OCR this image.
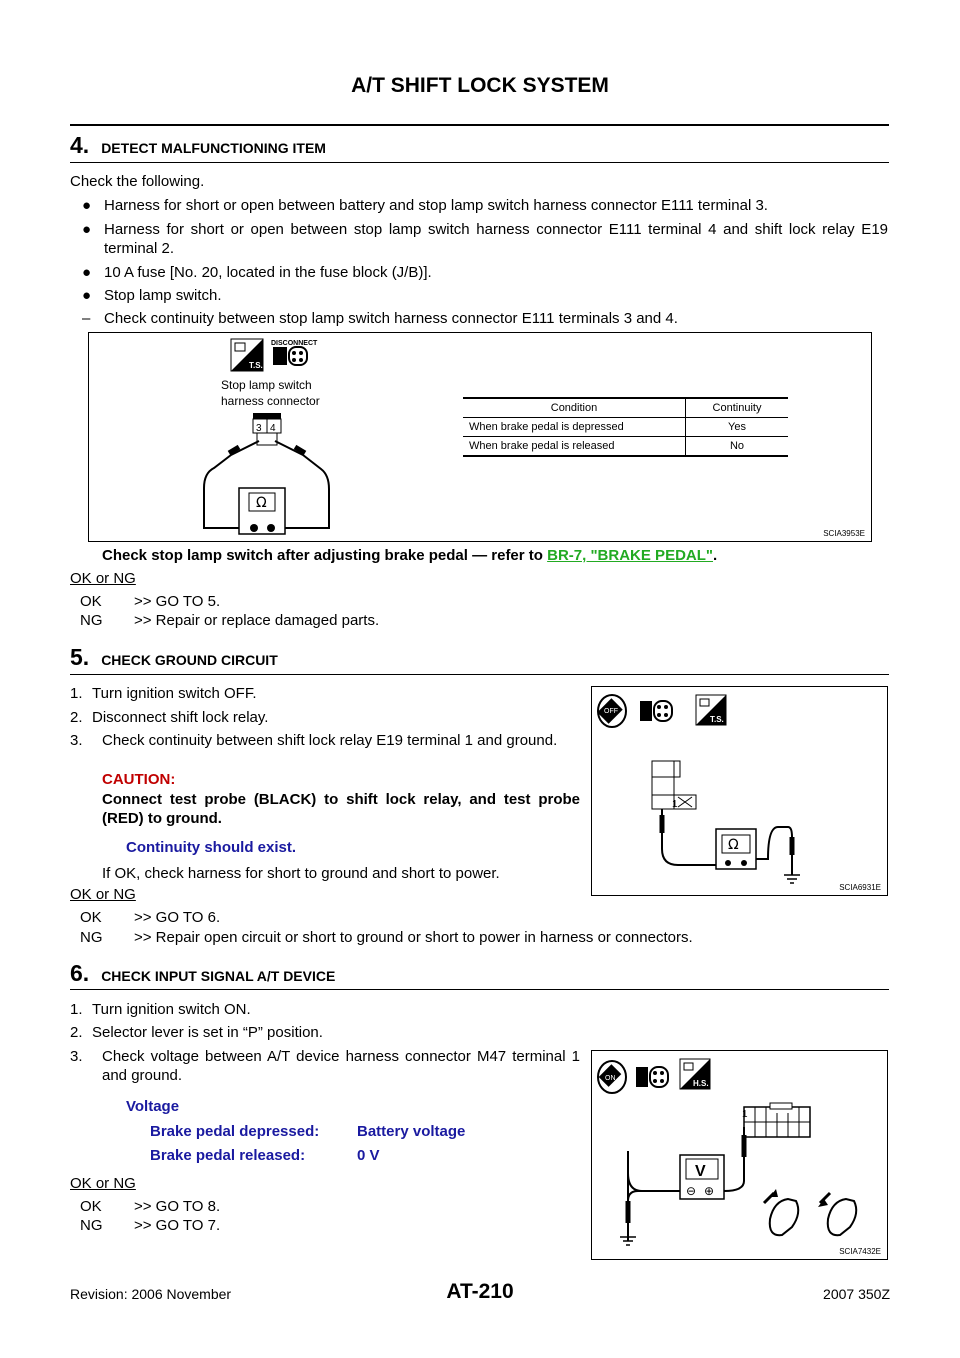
A/T SHIFT LOCK SYSTEM
4. DETECT MALFUNCTIONING ITEM
Check the following.
● Harness for short or open between battery and stop lamp switch harness connector E111 terminal 3.
● Harness for short or open between stop lamp switch harness connector E111 terminal 4 and shift lock relay E19 terminal 2.
● 10 A fuse [No. 20, located in the fuse block (J/B)].
● Stop lamp switch.
– Check continuity between stop lamp switch harness connector E111 terminals 3 and 4.
T.S.
DISCONNECT
Stop lamp switch
harness connector
3 4
Ω
Condition	Continuity
When brake pedal is depressed	Yes
When brake pedal is released	No
SCIA3953E
Check stop lamp switch after adjusting brake pedal — refer to BR-7, "BRAKE PEDAL".
OK or NG
OK >> GO TO 5.
NG >> Repair or replace damaged parts.
5. CHECK GROUND CIRCUIT
1. Turn ignition switch OFF.
2. Disconnect shift lock relay.
3. Check continuity between shift lock relay E19 terminal 1 and ground.
CAUTION:
Connect test probe (BLACK) to shift lock relay, and test probe (RED) to ground.
Continuity should exist.
If OK, check harness for short to ground and short to power.
OFF
T.S.
1
Ω
SCIA6931E
OK or NG
OK >> GO TO 6.
NG >> Repair open circuit or short to ground or short to power in harness or connectors.
6. CHECK INPUT SIGNAL A/T DEVICE
1. Turn ignition switch ON.
2. Selector lever is set in “P” position.
3. Check voltage between A/T device harness connector M47 terminal 1 and ground.
Voltage
Brake pedal depressed:	Battery voltage
Brake pedal released:	0 V
ON
H.S.
1
V
⊖ ⊕
SCIA7432E
OK or NG
OK >> GO TO 8.
NG >> GO TO 7.
AT-210
Revision: 2006 November	2007 350Z
